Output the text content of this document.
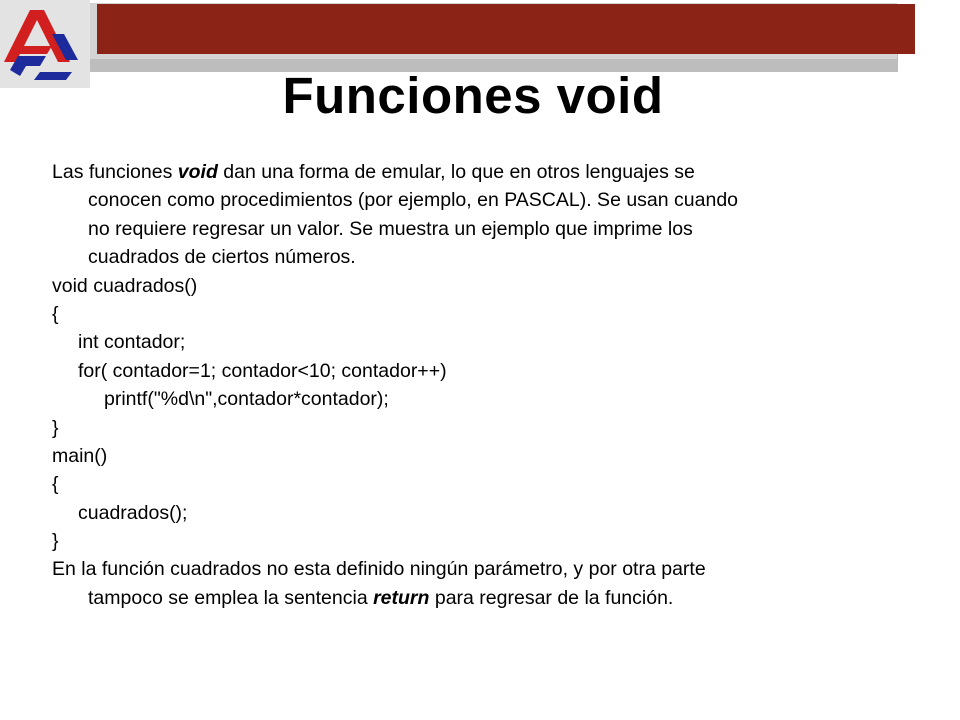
Funciones void
Las funciones void dan una forma de emular, lo que en otros lenguajes se
conocen como procedimientos (por ejemplo, en PASCAL). Se usan cuando
no requiere regresar un valor. Se muestra un ejemplo que imprime los
cuadrados de ciertos números.
void cuadrados()
{
int contador;
for( contador=1; contador<10; contador++)
printf("%d\n",contador*contador);
}
main()
{
cuadrados();
}
En la función cuadrados no esta definido ningún parámetro, y por otra parte
tampoco se emplea la sentencia return para regresar de la función.
